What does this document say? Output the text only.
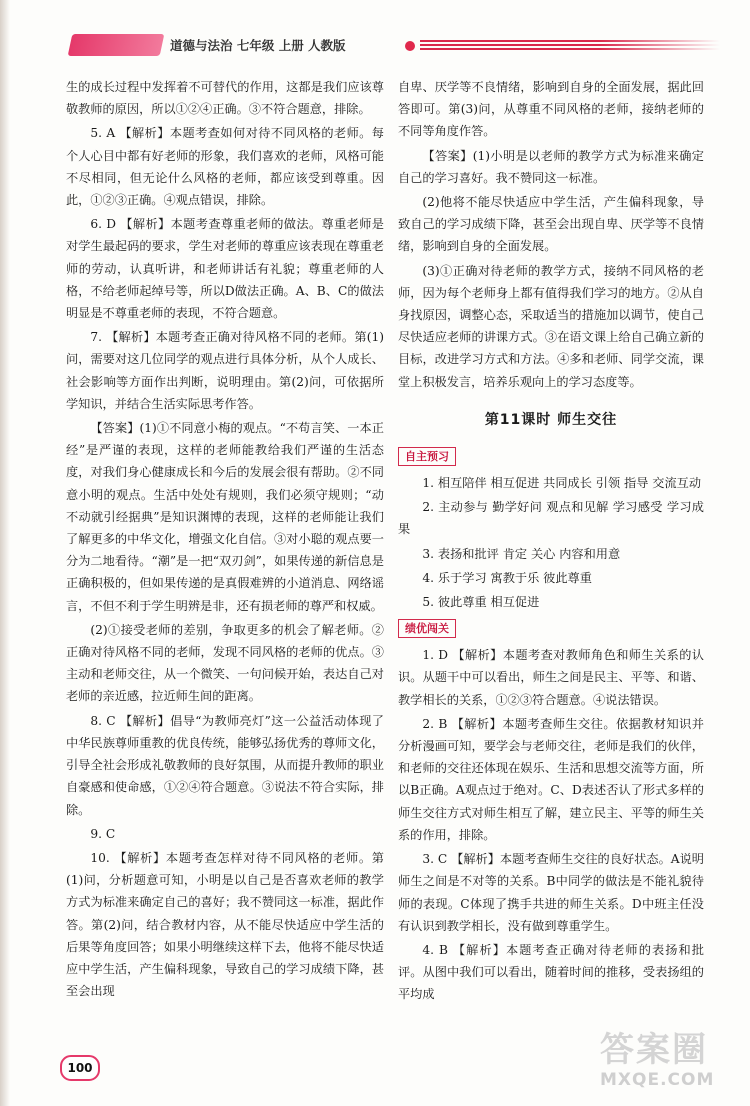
道德与法治 七年级 上册 人教版

生的成长过程中发挥着不可替代的作用，这都是我们应该尊敬教师的原因，所以①②④正确。③不符合题意，排除。

5. A 【解析】本题考查如何对待不同风格的老师。每个人心目中都有好老师的形象，我们喜欢的老师，风格可能不尽相同，但无论什么风格的老师，都应该受到尊重。因此，①②③正确。④观点错误，排除。

6. D 【解析】本题考查尊重老师的做法。尊重老师是对学生最起码的要求，学生对老师的尊重应该表现在尊重老师的劳动，认真听讲，和老师讲话有礼貌；尊重老师的人格，不给老师起绰号等，所以D做法正确。A、B、C的做法明显是不尊重老师的表现，不符合题意。

7. 【解析】本题考查正确对待风格不同的老师。第(1)问，需要对这几位同学的观点进行具体分析，从个人成长、社会影响等方面作出判断，说明理由。第(2)问，可依据所学知识，并结合生活实际思考作答。

【答案】(1)①不同意小梅的观点。“不苟言笑、一本正经”是严谨的表现，这样的老师能教给我们严谨的生活态度，对我们身心健康成长和今后的发展会很有帮助。②不同意小明的观点。生活中处处有规则，我们必须守规则；“动不动就引经据典”是知识渊博的表现，这样的老师能让我们了解更多的中华文化，增强文化自信。③对小聪的观点要一分为二地看待。“潮”是一把“双刃剑”，如果传递的新信息是正确积极的，但如果传递的是真假难辨的小道消息、网络谣言，不但不利于学生明辨是非，还有损老师的尊严和权威。

(2)①接受老师的差别，争取更多的机会了解老师。②正确对待风格不同的老师，发现不同风格的老师的优点。③主动和老师交往，从一个微笑、一句问候开始，表达自己对老师的亲近感，拉近师生间的距离。

8. C 【解析】倡导“为教师亮灯”这一公益活动体现了中华民族尊师重教的优良传统，能够弘扬优秀的尊师文化，引导全社会形成礼敬教师的良好氛围，从而提升教师的职业自豪感和使命感，①②④符合题意。③说法不符合实际，排除。

9. C

10. 【解析】本题考查怎样对待不同风格的老师。第(1)问，分析题意可知，小明是以自己是否喜欢老师的教学方式为标准来确定自己的喜好；我不赞同这一标准，据此作答。第(2)问，结合教材内容，从不能尽快适应中学生活的后果等角度回答；如果小明继续这样下去，他将不能尽快适应中学生活，产生偏科现象，导致自己的学习成绩下降，甚至会出现

自卑、厌学等不良情绪，影响到自身的全面发展，据此回答即可。第(3)问，从尊重不同风格的老师，接纳老师的不同等角度作答。

【答案】(1)小明是以老师的教学方式为标准来确定自己的学习喜好。我不赞同这一标准。

(2)他将不能尽快适应中学生活，产生偏科现象，导致自己的学习成绩下降，甚至会出现自卑、厌学等不良情绪，影响到自身的全面发展。

(3)①正确对待老师的教学方式，接纳不同风格的老师，因为每个老师身上都有值得我们学习的地方。②从自身找原因，调整心态，采取适当的措施加以调节，使自己尽快适应老师的讲课方式。③在语文课上给自己确立新的目标，改进学习方式和方法。④多和老师、同学交流，课堂上积极发言，培养乐观向上的学习态度等。

第11课时 师生交往
自主预习

1. 相互陪伴 相互促进 共同成长 引领 指导 交流互动

2. 主动参与 勤学好问 观点和见解 学习感受 学习成果

3. 表扬和批评 肯定 关心 内容和用意

4. 乐于学习 寓教于乐 彼此尊重

5. 彼此尊重 相互促进

绩优闯关

1. D 【解析】本题考查对教师角色和师生关系的认识。从题干中可以看出，师生之间是民主、平等、和谐、教学相长的关系，①②③符合题意。④说法错误。

2. B 【解析】本题考查师生交往。依据教材知识并分析漫画可知，要学会与老师交往，老师是我们的伙伴，和老师的交往还体现在娱乐、生活和思想交流等方面，所以B正确。A观点过于绝对。C、D表述否认了形式多样的师生交往方式对师生相互了解，建立民主、平等的师生关系的作用，排除。

3. C 【解析】本题考查师生交往的良好状态。A说明师生之间是不对等的关系。B中同学的做法是不能礼貌待师的表现。C体现了携手共进的师生关系。D中班主任没有认识到教学相长，没有做到尊重学生。

4. B 【解析】本题考查正确对待老师的表扬和批评。从图中我们可以看出，随着时间的推移，受表扬组的平均成

100	答案圈
MXQE.COM
